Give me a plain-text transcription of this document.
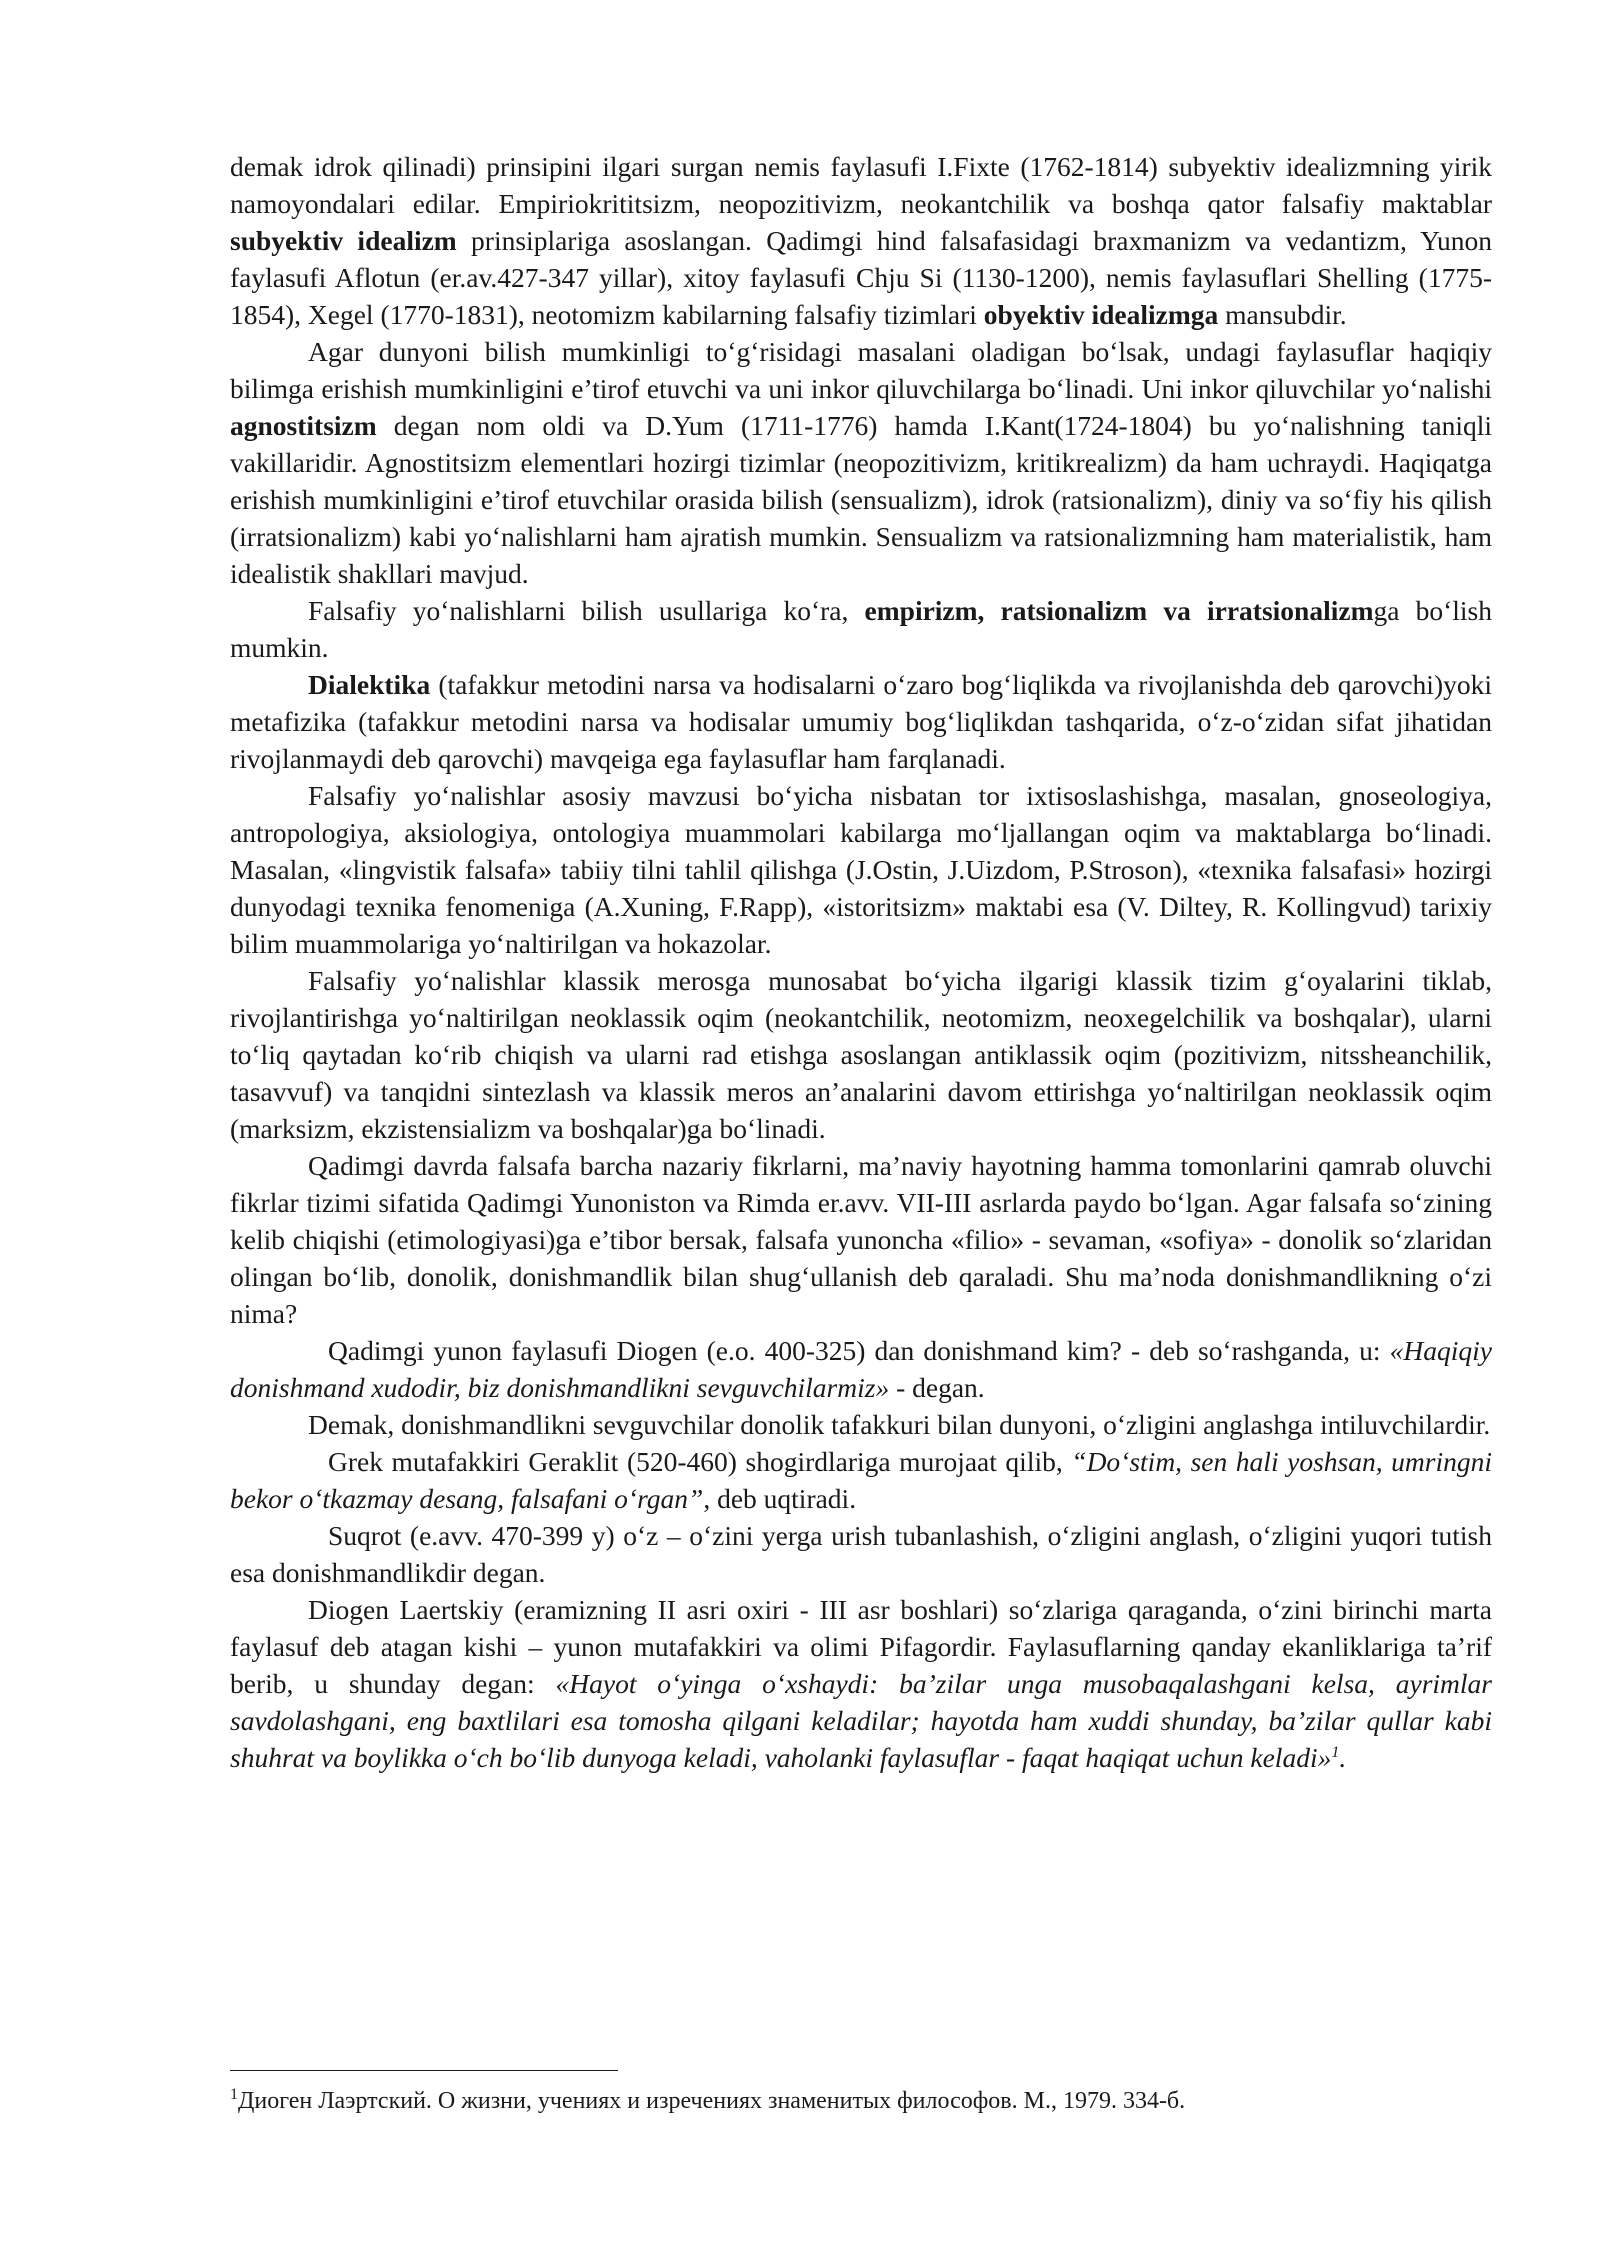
demak idrok qilinadi) prinsipini ilgari surgan nemis faylasufi I.Fixte (1762-1814) subyektiv idealizmning yirik namoyondalari edilar. Empiriokrititsizm, neopozitivizm, neokantchilik va boshqa qator falsafiy maktablar subyektiv idealizm prinsiplariga asoslangan. Qadimgi hind falsafasidagi braxmanizm va vedantizm, Yunon faylasufi Aflotun (er.av.427-347 yillar), xitoy faylasufi Chju Si (1130-1200), nemis faylasuflari Shelling (1775-1854), Xegel (1770-1831), neotomizm kabilarning falsafiy tizimlari obyektiv idealizmga mansubdir.

Agar dunyoni bilish mumkinligi to‘g‘risidagi masalani oladigan bo‘lsak, undagi faylasuflar haqiqiy bilimga erishish mumkinligini e’tirof etuvchi va uni inkor qiluvchilarga bo‘linadi. Uni inkor qiluvchilar yo‘nalishi agnostitsizm degan nom oldi va D.Yum (1711-1776) hamda I.Kant(1724-1804) bu yo‘nalishning taniqli vakillaridir. Agnostitsizm elementlari hozirgi tizimlar (neopozitivizm, kritikrealizm) da ham uchraydi. Haqiqatga erishish mumkinligini e’tirof etuvchilar orasida bilish (sensualizm), idrok (ratsionalizm), diniy va so‘fiy his qilish (irratsionalizm) kabi yo‘nalishlarni ham ajratish mumkin. Sensualizm va ratsionalizmning ham materialistik, ham idealistik shakllari mavjud.

Falsafiy yo‘nalishlarni bilish usullariga ko‘ra, empirizm, ratsionalizm va irratsionalizmga bo‘lish mumkin.

Dialektika (tafakkur metodini narsa va hodisalarni o‘zaro bog‘liqlikda va rivojlanishda deb qarovchi)yoki metafizika (tafakkur metodini narsa va hodisalar umumiy bog‘liqlikdan tashqarida, o‘z-o‘zidan sifat jihatidan rivojlanmaydi deb qarovchi) mavqeiga ega faylasuflar ham farqlanadi.

Falsafiy yo‘nalishlar asosiy mavzusi bo‘yicha nisbatan tor ixtisoslashishga, masalan, gnoseologiya, antropologiya, aksiologiya, ontologiya muammolari kabilarga mo‘ljallangan oqim va maktablarga bo‘linadi. Masalan, «lingvistik falsafa» tabiiy tilni tahlil qilishga (J.Ostin, J.Uizdom, P.Stroson), «texnika falsafasi» hozirgi dunyodagi texnika fenomeniga (A.Xuning, F.Rapp), «istoritsizm» maktabi esa (V. Diltey, R. Kollingvud) tarixiy bilim muammolariga yo‘naltirilgan va hokazolar.

Falsafiy yo‘nalishlar klassik merosga munosabat bo‘yicha ilgarigi klassik tizim g‘oyalarini tiklab, rivojlantirishga yo‘naltirilgan neoklassik oqim (neokantchilik, neotomizm, neoxegelchilik va boshqalar), ularni to‘liq qaytadan ko‘rib chiqish va ularni rad etishga asoslangan antiklassik oqim (pozitivizm, nitssheanchilik, tasavvuf) va tanqidni sintezlash va klassik meros an’analarini davom ettirishga yo‘naltirilgan neoklassik oqim (marksizm, ekzistensializm va boshqalar)ga bo‘linadi.

Qadimgi davrda falsafa barcha nazariy fikrlarni, ma’naviy hayotning hamma tomonlarini qamrab oluvchi fikrlar tizimi sifatida Qadimgi Yunoniston va Rimda er.avv. VII-III asrlarda paydo bo‘lgan. Agar falsafa so‘zining kelib chiqishi (etimologiyasi)ga e’tibor bersak, falsafa yunoncha «filio» - sevaman, «sofiya» - donolik so‘zlaridan olingan bo‘lib, donolik, donishmandlik bilan shug‘ullanish deb qaraladi. Shu ma’noda donishmandlikning o‘zi nima?

Qadimgi yunon faylasufi Diogen (e.o. 400-325) dan donishmand kim? - deb so‘rashganda, u: «Haqiqiy donishmand xudodir, biz donishmandlikni sevguvchilarmiz» - degan.

Demak, donishmandlikni sevguvchilar donolik tafakkuri bilan dunyoni, o‘zligini anglashga intiluvchilardir.

Grek mutafakkiri Geraklit (520-460) shogirdlariga murojaat qilib, “Do‘stim, sen hali yoshsan, umringni bekor o‘tkazmay desang, falsafani o‘rgan”, deb uqtiradi.

Suqrot (e.avv. 470-399 y) o‘z – o‘zini yerga urish tubanlashish, o‘zligini anglash, o‘zligini yuqori tutish esa donishmandlikdir degan.

Diogen Laertskiy (eramizning II asri oxiri - III asr boshlari) so‘zlariga qaraganda, o‘zini birinchi marta faylasuf deb atagan kishi – yunon mutafakkiri va olimi Pifagordir. Faylasuflarning qanday ekanliklariga ta’rif berib, u shunday degan: «Hayot o‘yinga o‘xshaydi: ba’zilar unga musobaqalashgani kelsa, ayrimlar savdolashgani, eng baxtlilari esa tomosha qilgani keladilar; hayotda ham xuddi shunday, ba’zilar qullar kabi shuhrat va boylikka o‘ch bo‘lib dunyoga keladi, vaholanki faylasuflar - faqat haqiqat uchun keladi»$^1$.

$^1$Диоген Лаэртский. О жизни, учениях и изречениях знаменитых философов. М., 1979. 334-б.
